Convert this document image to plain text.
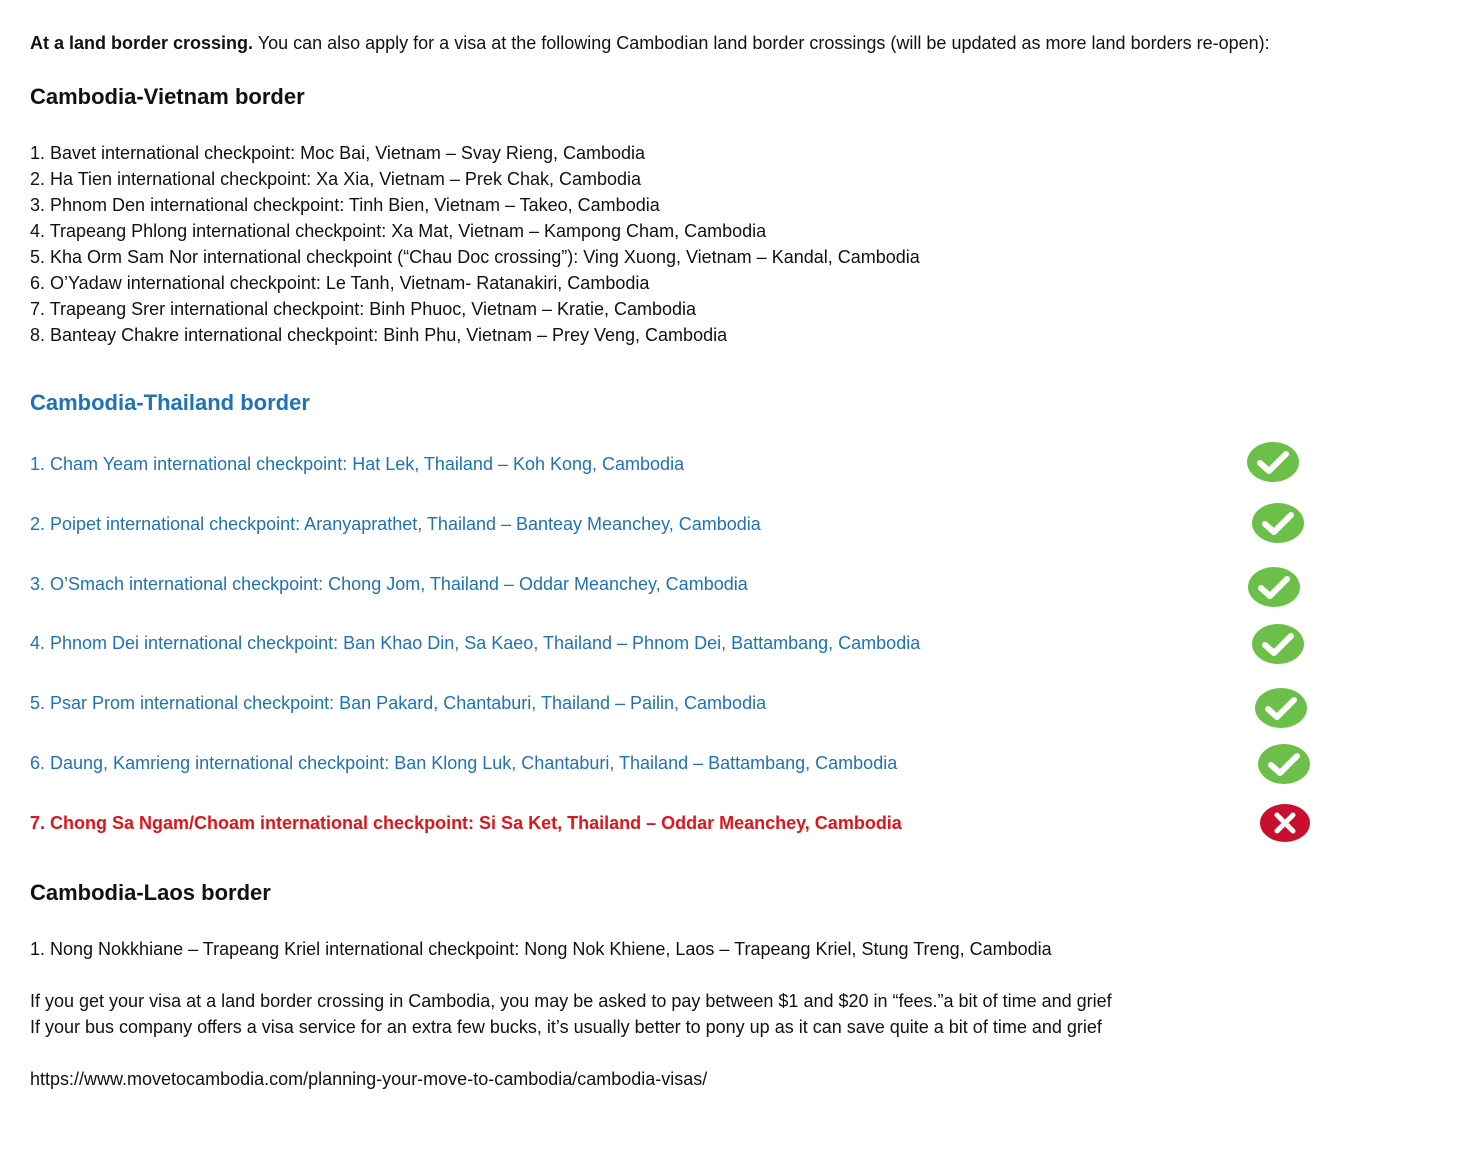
At a land border crossing. You can also apply for a visa at the following Cambodian land border crossings (will be updated as more land borders re-open):
Cambodia-Vietnam border
1. Bavet international checkpoint: Moc Bai, Vietnam – Svay Rieng, Cambodia
2. Ha Tien international checkpoint: Xa Xia, Vietnam – Prek Chak, Cambodia
3. Phnom Den international checkpoint: Tinh Bien, Vietnam – Takeo, Cambodia
4. Trapeang Phlong international checkpoint: Xa Mat, Vietnam – Kampong Cham, Cambodia
5. Kha Orm Sam Nor international checkpoint (“Chau Doc crossing”): Ving Xuong, Vietnam – Kandal, Cambodia
6. O’Yadaw international checkpoint: Le Tanh, Vietnam- Ratanakiri, Cambodia
7. Trapeang Srer international checkpoint: Binh Phuoc, Vietnam – Kratie, Cambodia
8. Banteay Chakre international checkpoint: Binh Phu, Vietnam – Prey Veng, Cambodia
Cambodia-Thailand border
1. Cham Yeam international checkpoint: Hat Lek, Thailand – Koh Kong, Cambodia
2. Poipet international checkpoint: Aranyaprathet, Thailand – Banteay Meanchey, Cambodia
3. O’Smach international checkpoint: Chong Jom, Thailand – Oddar Meanchey, Cambodia
4. Phnom Dei international checkpoint: Ban Khao Din, Sa Kaeo, Thailand – Phnom Dei, Battambang, Cambodia
5. Psar Prom international checkpoint: Ban Pakard, Chantaburi, Thailand – Pailin, Cambodia
6. Daung, Kamrieng international checkpoint: Ban Klong Luk, Chantaburi, Thailand – Battambang, Cambodia
7. Chong Sa Ngam/Choam international checkpoint: Si Sa Ket, Thailand – Oddar Meanchey, Cambodia
Cambodia-Laos border
1. Nong Nokkhiane – Trapeang Kriel international checkpoint: Nong Nok Khiene, Laos – Trapeang Kriel, Stung Treng, Cambodia
If you get your visa at a land border crossing in Cambodia, you may be asked to pay between $1 and $20 in “fees.”a bit of time and grief
If your bus company offers a visa service for an extra few bucks, it’s usually better to pony up as it can save quite a bit of time and grief
https://www.movetocambodia.com/planning-your-move-to-cambodia/cambodia-visas/
